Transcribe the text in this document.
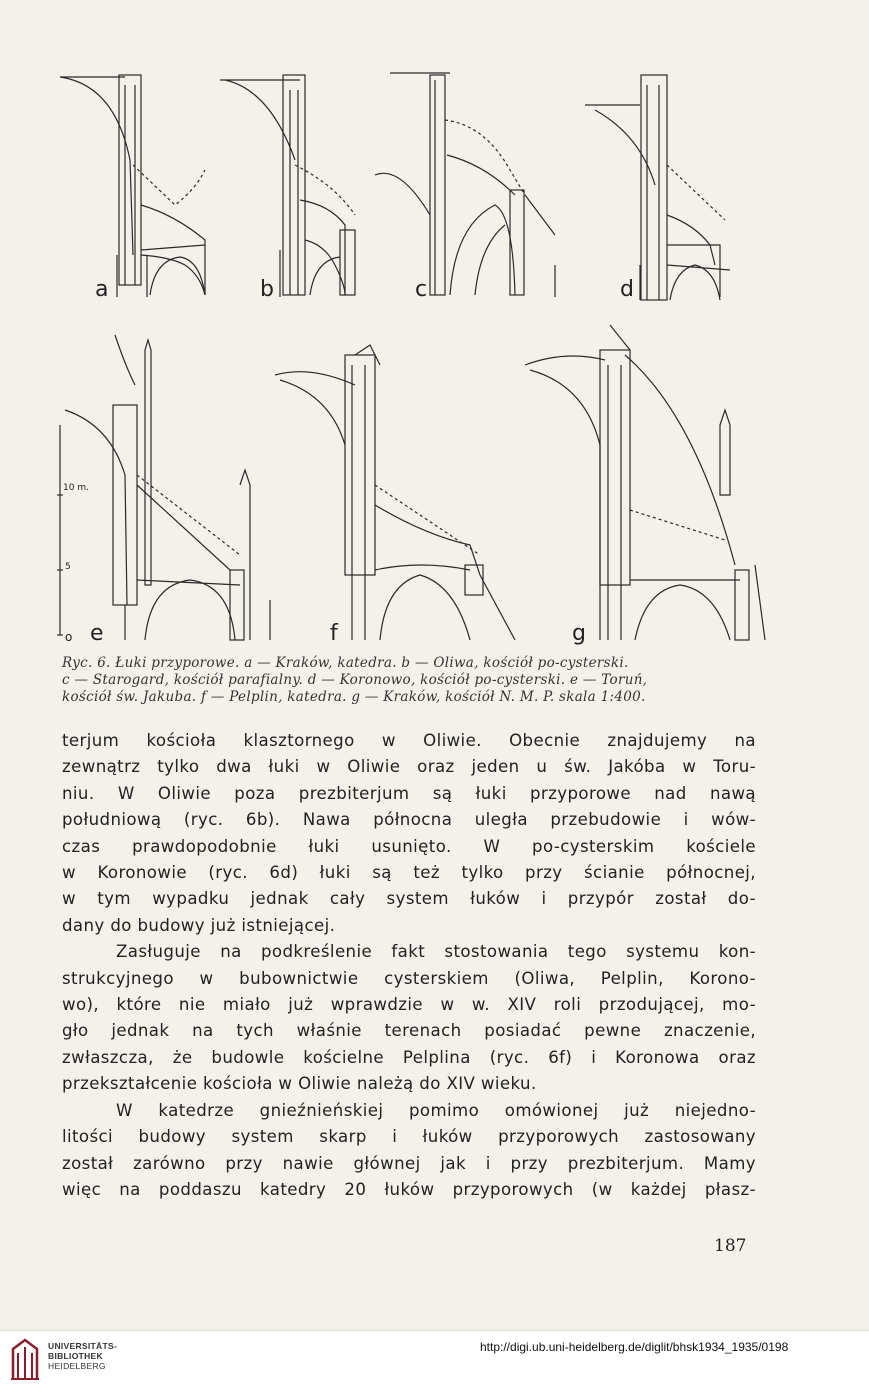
a	b	c	d
e	f	g
10 m.
5
o
Ryc. 6. Łuki przyporowe. a — Kraków, katedra. b — Oliwa, kościół po-cysterski.
c — Starogard, kościół parafialny. d — Koronowo, kościół po-cysterski. e — Toruń,
kościół św. Jakuba. f — Pelplin, katedra. g — Kraków, kościół N. M. P. skala 1:400.
terjum kościoła klasztornego w Oliwie. Obecnie znajdujemy na
zewnątrz tylko dwa łuki w Oliwie oraz jeden u św. Jakóba w Toru-
niu. W Oliwie poza prezbiterjum są łuki przyporowe nad nawą
południową (ryc. 6b). Nawa północna uległa przebudowie i wów-
czas prawdopodobnie łuki usunięto. W po-cysterskim kościele
w Koronowie (ryc. 6d) łuki są też tylko przy ścianie północnej,
w tym wypadku jednak cały system łuków i przypór został do-
dany do budowy już istniejącej.
Zasługuje na podkreślenie fakt stostowania tego systemu kon-
strukcyjnego w bubownictwie cysterskiem (Oliwa, Pelplin, Korono-
wo), które nie miało już wprawdzie w w. XIV roli przodującej, mo-
gło jednak na tych właśnie terenach posiadać pewne znaczenie,
zwłaszcza, że budowle kościelne Pelplina (ryc. 6f) i Koronowa oraz
przekształcenie kościoła w Oliwie należą do XIV wieku.
W katedrze gnieźnieńskiej pomimo omówionej już niejedno-
litości budowy system skarp i łuków przyporowych zastosowany
został zarówno przy nawie głównej jak i przy prezbiterjum. Mamy
więc na poddaszu katedry 20 łuków przyporowych (w każdej płasz-
187
UNIVERSITÄTS-
BIBLIOTHEK
HEIDELBERG
http://digi.ub.uni-heidelberg.de/diglit/bhsk1934_1935/0198
